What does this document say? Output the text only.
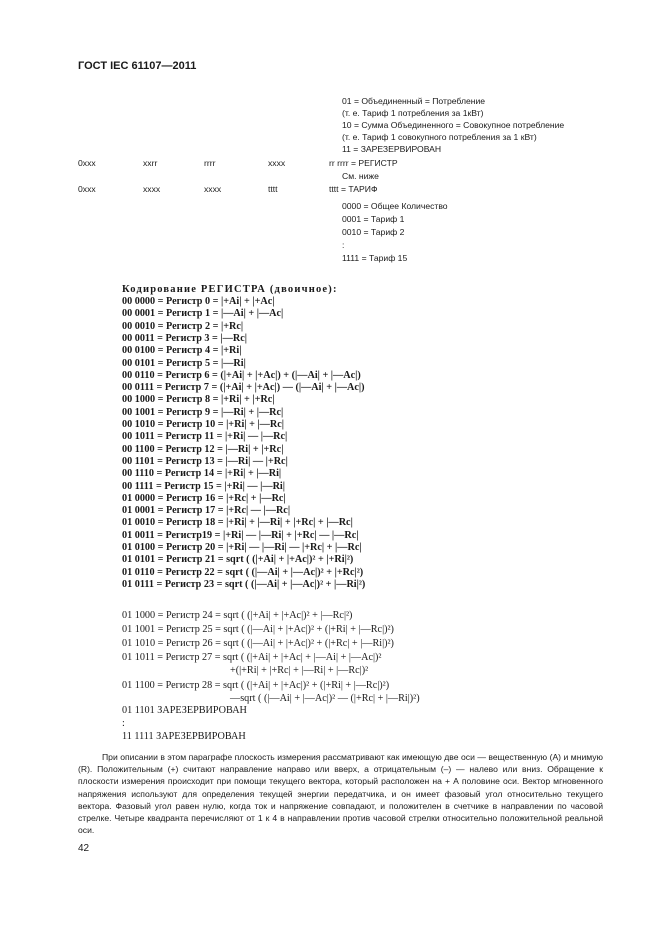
ГОСТ IEC 61107—2011
01 = Объединенный = Потребление
(т. е. Тариф 1 потребления за 1кВт)
10 = Сумма Объединенного = Совокупное потребление
(т. е. Тариф 1 совокупного потребления за 1 кВт)
11 = ЗАРЕЗЕРВИРОВАН
0xxx	xxrr	rrrr	xxxx	rr rrrr = РЕГИСТР
См. ниже
0xxx	xxxx	xxxx	tttt	tttt = ТАРИФ
0000 = Общее Количество
0001 = Тариф 1
0010 = Тариф 2
:
1111 = Тариф 15
Кодирование РЕГИСТРА (двоичное):
00 0000 = Регистр 0 = |+Ai| + |+Ac|
00 0001 = Регистр 1 = |—Ai| + |—Ac|
00 0010 = Регистр 2 = |+Rc|
00 0011 = Регистр 3 = |—Rc|
00 0100 = Регистр 4 = |+Ri|
00 0101 = Регистр 5 = |—Ri|
00 0110 = Регистр 6 = (|+Ai| + |+Ac|) + (|—Ai| + |—Ac|)
00 0111 = Регистр 7 = (|+Ai| + |+Ac|) — (|—Ai| + |—Ac|)
00 1000 = Регистр 8 = |+Ri| + |+Rc|
00 1001 = Регистр 9 = |—Ri| + |—Rc|
00 1010 = Регистр 10 = |+Ri| + |—Rc|
00 1011 = Регистр 11 = |+Ri| — |—Rc|
00 1100 = Регистр 12 = |—Ri| + |+Rc|
00 1101 = Регистр 13 = |—Ri| — |+Rc|
00 1110 = Регистр 14 = |+Ri| + |—Ri|
00 1111 = Регистр 15 = |+Ri| — |—Ri|
01 0000 = Регистр 16 = |+Rc| + |—Rc|
01 0001 = Регистр 17 = |+Rc| — |—Rc|
01 0010 = Регистр 18 = |+Ri| + |—Ri| + |+Rc| + |—Rc|
01 0011 = Регистр19 = |+Ri| — |—Ri| + |+Rc| — |—Rc|
01 0100 = Регистр 20 = |+Ri| — |—Ri| — |+Rc| + |—Rc|
01 0101 = Регистр 21 = sqrt ( (|+Ai| + |+Ac|)² + |+Ri|²)
01 0110 = Регистр 22 = sqrt ( (|—Ai| + |—Ac|)² + |+Rc|²)
01 0111 = Регистр 23 = sqrt ( (|—Ai| + |—Ac|)² + |—Ri|²)
01 1000 = Регистр 24 = sqrt ( (|+Ai| + |+Ac|)² + |—Rc|²)
01 1001 = Регистр 25 = sqrt ( (|—Ai| + |+Ac|)² + (|+Ri| + |—Rc|)²)
01 1010 = Регистр 26 = sqrt ( (|—Ai| + |+Ac|)² + (|+Rc| + |—Ri|)²)
01 1011 = Регистр 27 = sqrt ( (|+Ai| + |+Ac| + |—Ai| + |—Ac|)²
+(|+Ri| + |+Rc| + |—Ri| + |—Rc|)²
01 1100 = Регистр 28 = sqrt ( (|+Ai| + |+Ac|)² + (|+Ri| + |—Rc|)²)
—sqrt ( (|—Ai| + |—Ac|)² — (|+Rc| + |—Ri|)²)
01 1101 ЗАРЕЗЕРВИРОВАН
:
11 1111 ЗАРЕЗЕРВИРОВАН
При описании в этом параграфе плоскость измерения рассматривают как имеющую две оси — вещественную (А) и мнимую (R). Положительным (+) считают направление направо или вверх, а отрицательным (–) — налево или вниз. Обращение к плоскости измерения происходит при помощи текущего вектора, который расположен на + А половине оси. Вектор мгновенного напряжения используют для определения текущей энергии передатчика, и он имеет фазовый угол относительно текущего вектора. Фазовый угол равен нулю, когда ток и напряжение совпадают, и положителен в счетчике в направлении по часовой стрелке. Четыре квадранта перечисляют от 1 к 4 в направлении против часовой стрелки относительно положительной реальной оси.
42
